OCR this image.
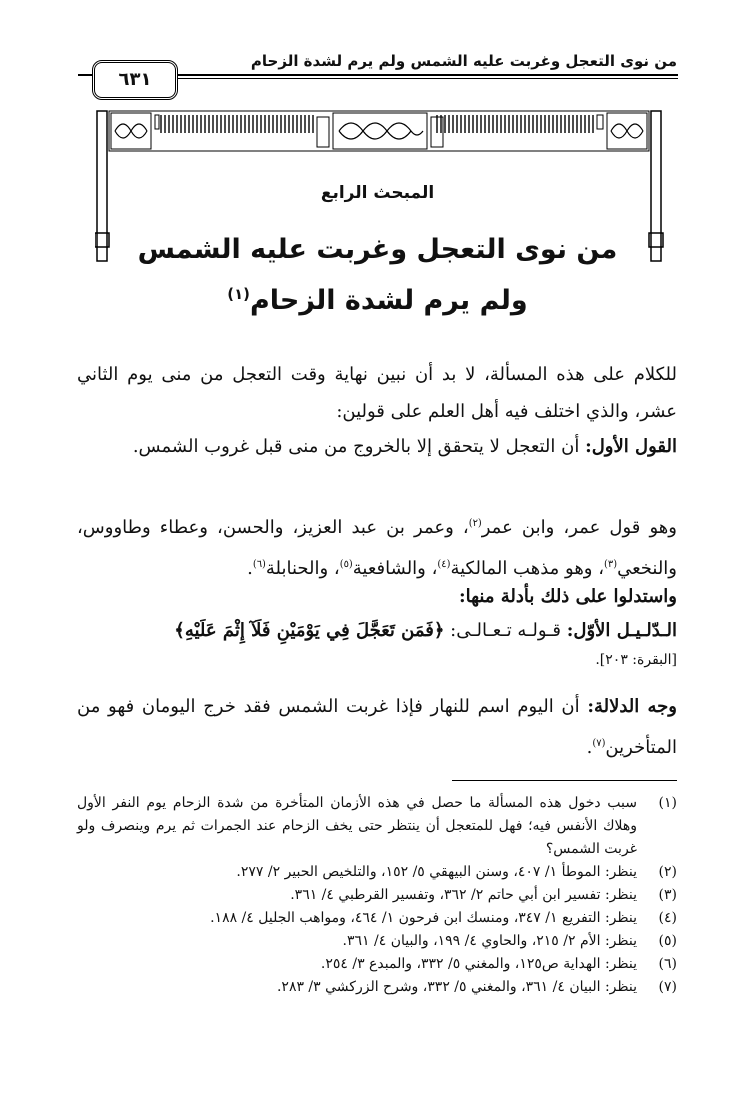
من نوى التعجل وغربت عليه الشمس ولم يرم لشدة الزحام
٦٣١
المبحث الرابع
من نوى التعجل وغربت عليه الشمس
ولم يرم لشدة الزحام$^{(١)}$
للكلام على هذه المسألة، لا بد أن نبين نهاية وقت التعجل من منى يوم الثاني عشر، والذي اختلف فيه أهل العلم على قولين:
القول الأول: أن التعجل لا يتحقق إلا بالخروج من منى قبل غروب الشمس.
وهو قول عمر، وابن عمر$^{(٢)}$، وعمر بن عبد العزيز، والحسن، وعطاء وطاووس، والنخعي$^{(٣)}$، وهو مذهب المالكية$^{(٤)}$، والشافعية$^{(٥)}$، والحنابلة$^{(٦)}$.
واستدلوا على ذلك بأدلة منها:
الـدّلـيـل الأوّل: قـولـه تـعـالـى: ﴿فَمَن تَعَجَّلَ فِي يَوْمَيْنِ فَلَآ إِثْمَ عَلَيْهِ﴾
[البقرة: ٢٠٣].
وجه الدلالة: أن اليوم اسم للنهار فإذا غربت الشمس فقد خرج اليومان فهو من المتأخرين$^{(٧)}$.
(١)
سبب دخول هذه المسألة ما حصل في هذه الأزمان المتأخرة من شدة الزحام يوم النفر الأول وهلاك الأنفس فيه؛ فهل للمتعجل أن ينتظر حتى يخف الزحام عند الجمرات ثم يرم وينصرف ولو غربت الشمس؟
(٢)
ينظر: الموطأ ١/ ٤٠٧، وسنن البيهقي ٥/ ١٥٢، والتلخيص الحبير ٢/ ٢٧٧.
(٣)
ينظر: تفسير ابن أبي حاتم ٢/ ٣٦٢، وتفسير القرطبي ٤/ ٣٦١.
(٤)
ينظر: التفريع ١/ ٣٤٧، ومنسك ابن فرحون ١/ ٤٦٤، ومواهب الجليل ٤/ ١٨٨.
(٥)
ينظر: الأم ٢/ ٢١٥، والحاوي ٤/ ١٩٩، والبيان ٤/ ٣٦١.
(٦)
ينظر: الهداية ص١٢٥، والمغني ٥/ ٣٣٢، والمبدع ٣/ ٢٥٤.
(٧)
ينظر: البيان ٤/ ٣٦١، والمغني ٥/ ٣٣٢، وشرح الزركشي ٣/ ٢٨٣.
